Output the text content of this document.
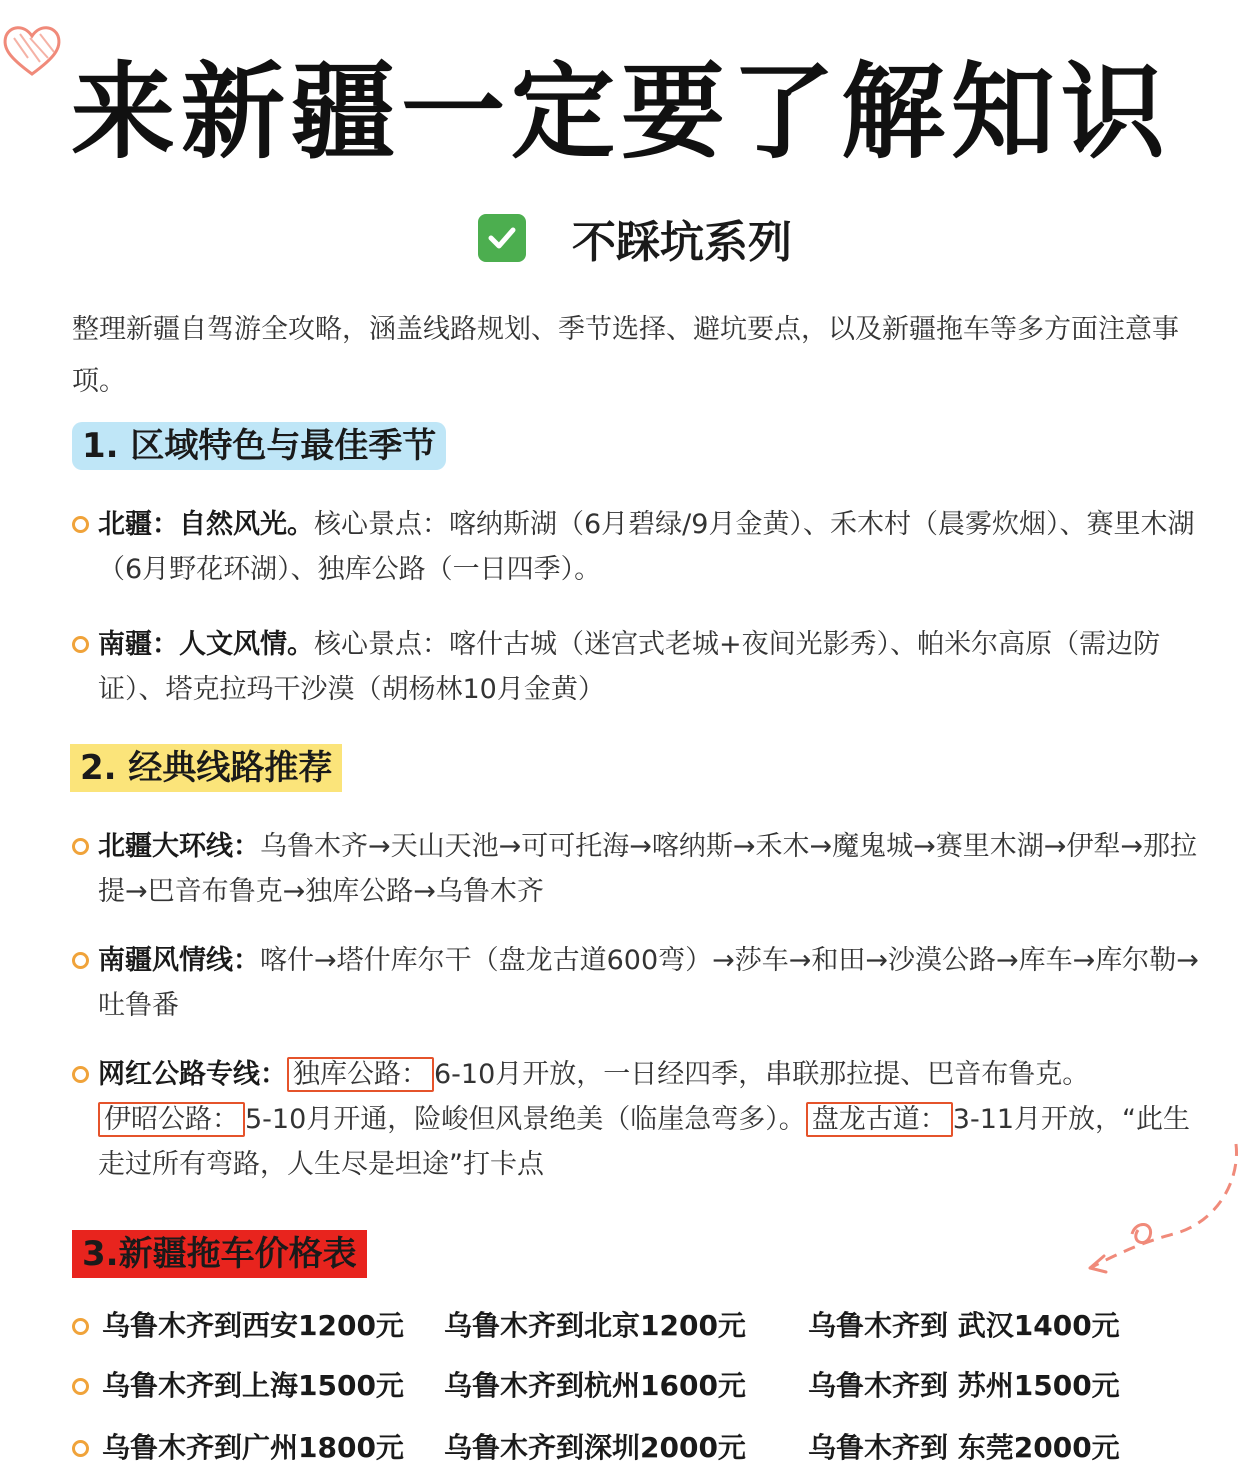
来新疆一定要了解知识
不踩坑系列

整理新疆自驾游全攻略，涵盖线路规划、季节选择、避坑要点，以及新疆拖车等多方面注意事项。

1. 区域特色与最佳季节
北疆：自然风光。核心景点：喀纳斯湖（6月碧绿/9月金黄）、禾木村（晨雾炊烟）、赛里木湖（6月野花环湖）、独库公路（一日四季）。
南疆：人文风情。核心景点：喀什古城（迷宫式老城+夜间光影秀）、帕米尔高原（需边防证）、塔克拉玛干沙漠（胡杨林10月金黄）
2. 经典线路推荐
北疆大环线：乌鲁木齐→天山天池→可可托海→喀纳斯→禾木→魔鬼城→赛里木湖→伊犁→那拉提→巴音布鲁克→独库公路→乌鲁木齐
南疆风情线：喀什→塔什库尔干（盘龙古道600弯）→莎车→和田→沙漠公路→库车→库尔勒→吐鲁番
网红公路专线： 独库公路： 6-10月开放，一日经四季，串联那拉提、巴音布鲁克。
伊昭公路： 5-10月开通，险峻但风景绝美（临崖急弯多）。 盘龙古道： 3-11月开放，“此生走过所有弯路，人生尽是坦途”打卡点
3.新疆拖车价格表
乌鲁木齐到西安1200元 乌鲁木齐到北京1200元 乌鲁木齐到 武汉1400元
乌鲁木齐到上海1500元 乌鲁木齐到杭州1600元 乌鲁木齐到 苏州1500元
乌鲁木齐到广州1800元 乌鲁木齐到深圳2000元 乌鲁木齐到 东莞2000元
